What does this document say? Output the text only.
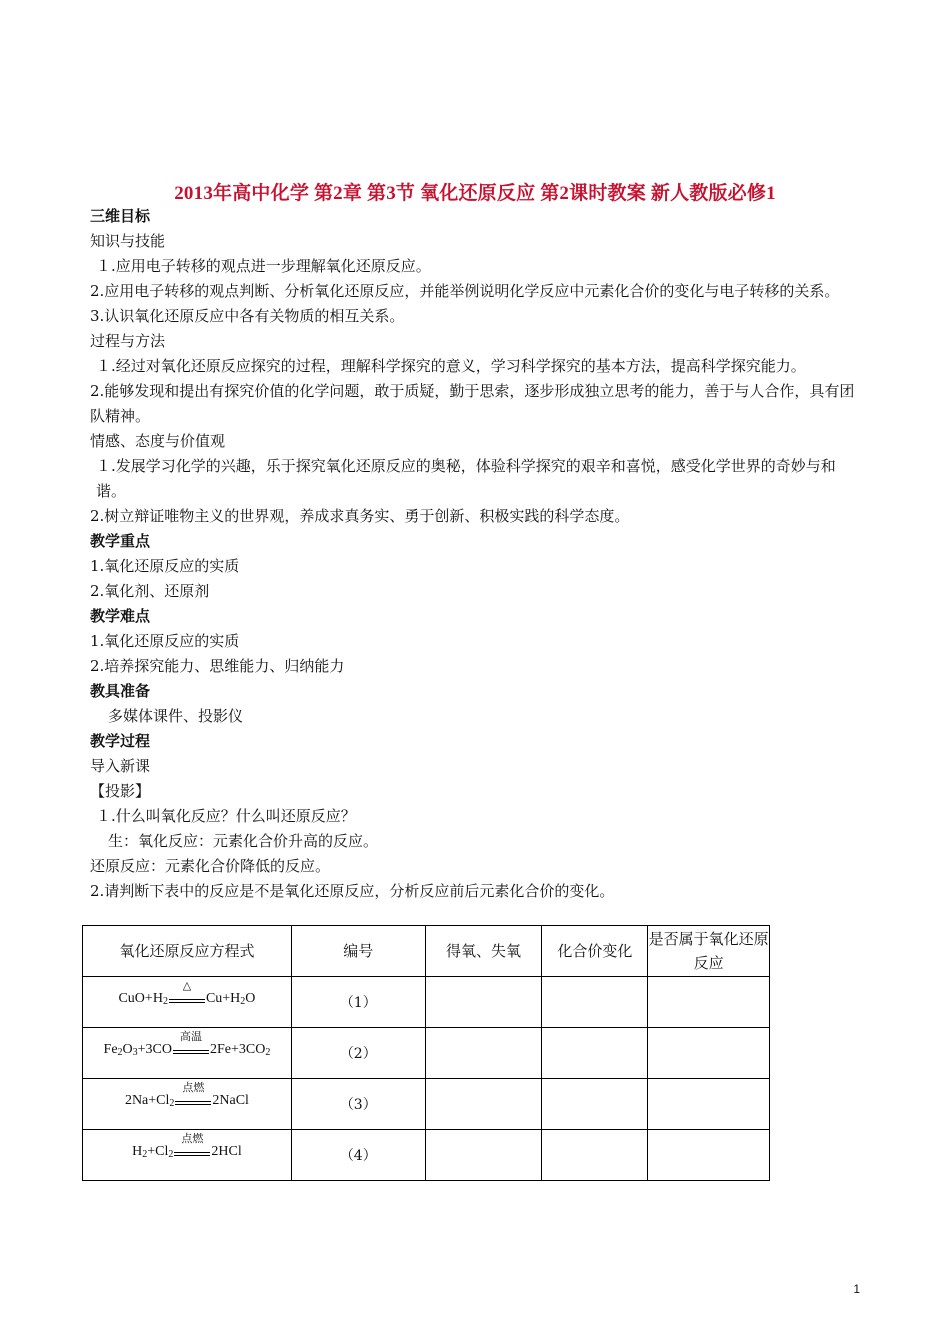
2013年高中化学 第2章 第3节 氧化还原反应 第2课时教案 新人教版必修1

三维目标

知识与技能

１.应用电子转移的观点进一步理解氧化还原反应。

2.应用电子转移的观点判断、分析氧化还原反应，并能举例说明化学反应中元素化合价的变化与电子转移的关系。

3.认识氧化还原反应中各有关物质的相互关系。

过程与方法

１.经过对氧化还原反应探究的过程，理解科学探究的意义，学习科学探究的基本方法，提高科学探究能力。

2.能够发现和提出有探究价值的化学问题，敢于质疑，勤于思索，逐步形成独立思考的能力，善于与人合作，具有团队精神。

情感、态度与价值观

１.发展学习化学的兴趣，乐于探究氧化还原反应的奥秘，体验科学探究的艰辛和喜悦，感受化学世界的奇妙与和谐。

2.树立辩证唯物主义的世界观，养成求真务实、勇于创新、积极实践的科学态度。

教学重点

1.氧化还原反应的实质

2.氧化剂、还原剂

教学难点

1.氧化还原反应的实质

2.培养探究能力、思维能力、归纳能力

教具准备

多媒体课件、投影仪

教学过程

导入新课

【投影】

１.什么叫氧化反应？什么叫还原反应？

生：氧化反应：元素化合价升高的反应。

还原反应：元素化合价降低的反应。

2.请判断下表中的反应是不是氧化还原反应，分析反应前后元素化合价的变化。

氧化还原反应方程式	编号	得氧、失氧	化合价变化	是否属于氧化还原反应
$CuO+H_2$
△
$Cu+H_2O$	（1）			
$Fe_2O_3+3CO$
高温
$2Fe+3CO_2$	（2）			
$2Na+Cl_2$
点燃
2NaCl	（3）			
$H_2+Cl_2$
点燃
2HCl	（4）			
1
